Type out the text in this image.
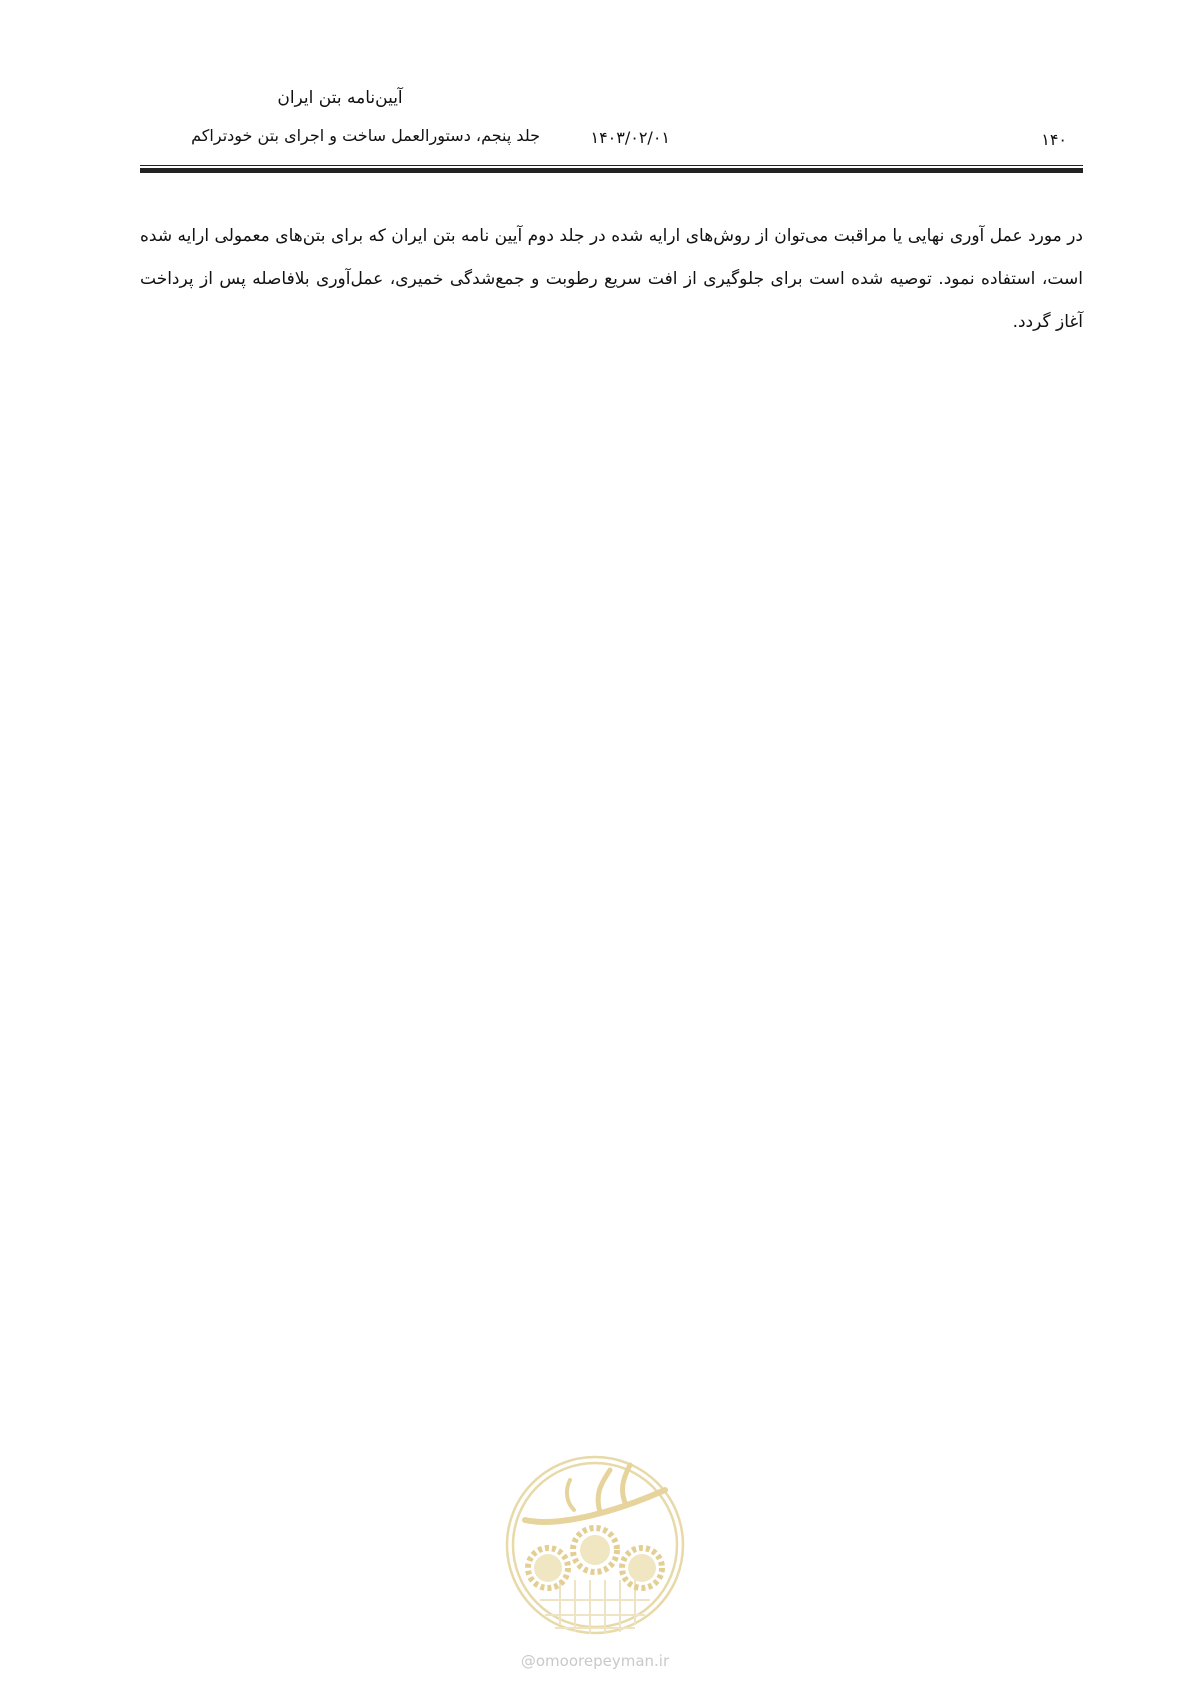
آیین‌نامه بتن ایران
جلد پنجم، دستورالعمل ساخت و اجرای بتن خودتراکم	۱۴۰۳/۰۲/۰۱	۱۴۰
در مورد عمل آوری نهایی یا مراقبت می‌توان از روش‌های ارایه شده در جلد دوم آیین نامه بتن ایران که برای بتن‌های معمولی ارایه شده است، استفاده نمود. توصیه شده است برای جلوگیری از افت سریع رطوبت و جمع‌شدگی خمیری، عمل‌آوری بلافاصله پس از پرداخت آغاز گردد.
@omoorepeyman.ir
